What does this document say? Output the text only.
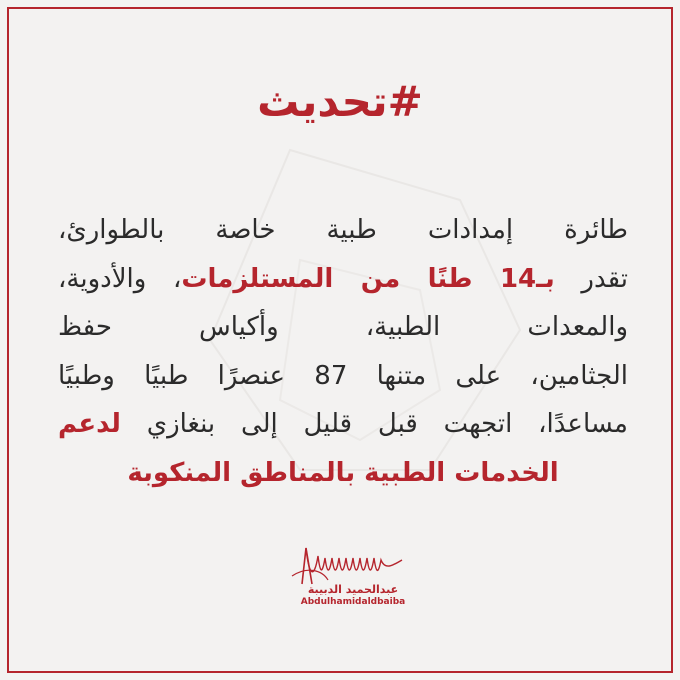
#تحديث
طائرة إمدادات طبية خاصة بالطوارئ،
تقدر بـ14 طنًا من المستلزمات، والأدوية،
والمعدات الطبية، وأكياس حفظ
الجثامين، على متنها 87 عنصرًا طبيًا وطبيًا
مساعدًا، اتجهت قبل قليل إلى بنغازي لدعم
الخدمات الطبية بالمناطق المنكوبة
عبدالحميد الدبيبة
Abdulhamidaldbaiba
